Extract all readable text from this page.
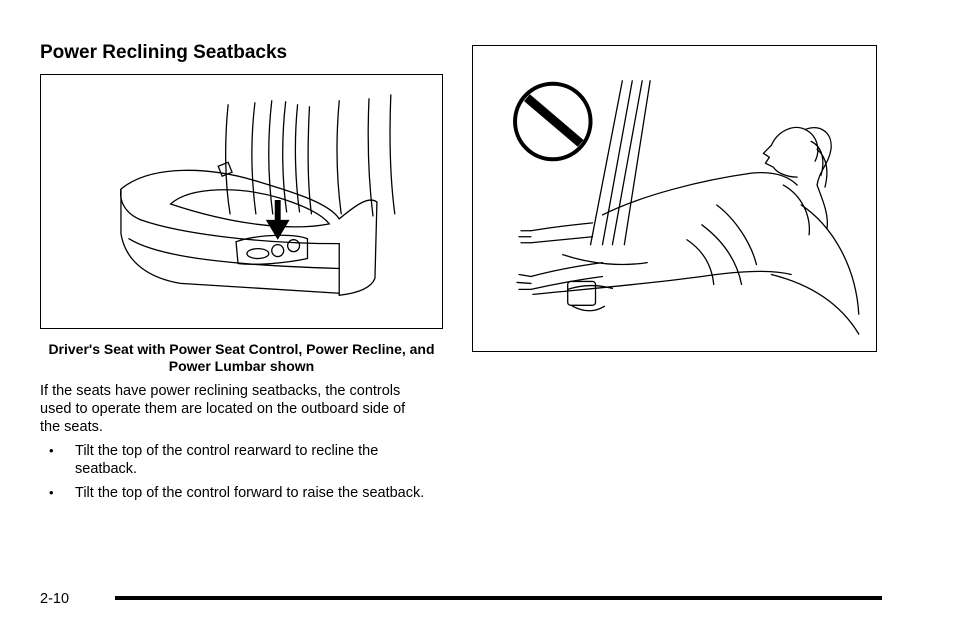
Power Reclining Seatbacks

Driver's Seat with Power Seat Control, Power Recline, and Power Lumbar shown

If the seats have power reclining seatbacks, the controls used to operate them are located on the outboard side of the seats.

• Tilt the top of the control rearward to recline the seatback.
• Tilt the top of the control forward to raise the seatback.
2-10
